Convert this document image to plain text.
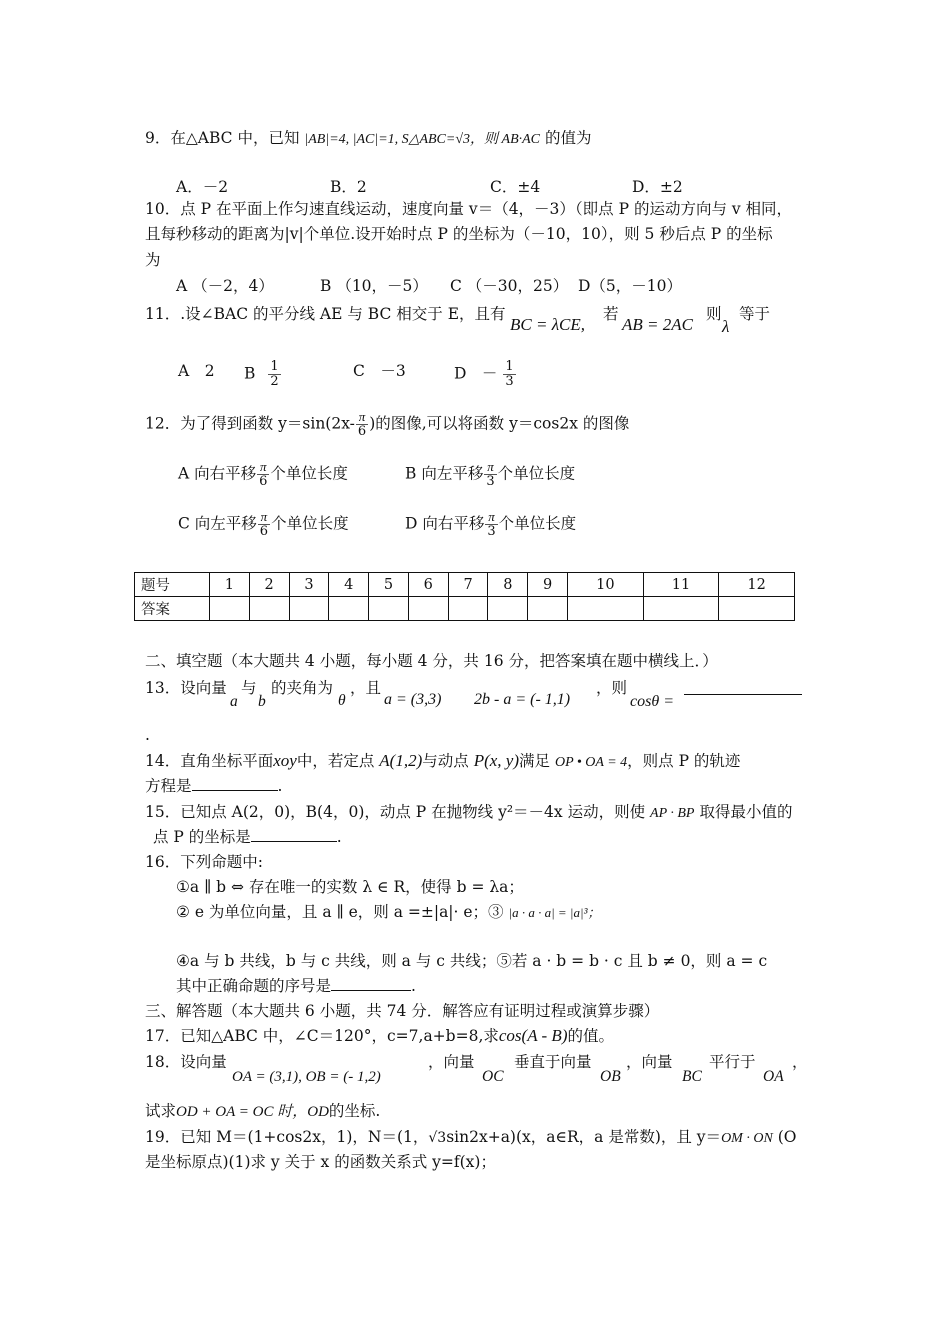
9．在△ABC 中，已知 |AB|=4, |AC|=1, S△ABC=√3，则 AB·AC 的值为
A．－2	B．2	C．±4	D．±2
10．点 P 在平面上作匀速直线运动，速度向量 v＝（4，－3）（即点 P 的运动方向与 v 相同，
且每秒移动的距离为|v|个单位.设开始时点 P 的坐标为（－10，10），则 5 秒后点 P 的坐标
为
A （－2，4）	B （10，－5） C （－30，25） D（5，－10）
11．.设∠BAC 的平分线 AE 与 BC 相交于 E，且有
BC = λCE,
若
AB = 2AC
则
λ
等于
A　2 B $\frac{1}{2}$	C　－3	D　－ $\frac{1}{3}$
12．为了得到函数 $y=\sin(2x- \frac{\pi}{6}$ )的图像,可以将函数 y＝cos2x 的图像
A 向右平移 $\frac{\pi}{6}$ 个单位长度	B 向左平移 $\frac{\pi}{3}$ 个单位长度
C 向左平移 $\frac{\pi}{6}$ 个单位长度	D 向右平移 $\frac{\pi}{3}$ 个单位长度
题号	1	2	3	4	5	6	7	8	9	10	11	12
答案												
二、填空题（本大题共 4 小题，每小题 4 分，共 16 分，把答案填在题中横线上．）
13．设向量
a
与
b
的夹角为
θ
，且
a = (3,3) 2b - a = (- 1,1)
，则
cosθ =
.
14．直角坐标平面xoy中，若定点 A(1,2)与动点 P(x, y)满足 OP • OA = 4，则点 P 的轨迹
方程是	.
15．已知点 A(2，0)，B(4，0)，动点 P 在抛物线 y²＝－4x 运动，则使 AP · BP 取得最小值的
点 P 的坐标是	.
16．下列命题中:
①a ∥ b ⇔ 存在唯一的实数 λ ∈ R，使得 b = λa；
② e 为单位向量，且 a ∥ e，则 a =±|a|· e；③ |a · a · a| = |a|³；
④a 与 b 共线，b 与 c 共线，则 a 与 c 共线；⑤若 a · b = b · c 且 b ≠ 0，则 a = c
其中正确命题的序号是	.
三、解答题（本大题共 6 小题，共 74 分．解答应有证明过程或演算步骤）
17．已知△ABC 中，∠C＝120°，c=7,a+b=8,求cos(A - B)的值。
18．设向量
OA = (3,1), OB = (- 1,2)
，向量
OC
垂直于向量
OB
，向量
BC
平行于
OA
，
试求OD + OA = OC 时，OD的坐标.
19．已知 M＝(1+cos2x，1)，N＝(1，√3sin2x+a)(x，a∈R，a 是常数)，且 y＝OM · ON (O
是坐标原点)(1)求 y 关于 x 的函数关系式 y=f(x)；
